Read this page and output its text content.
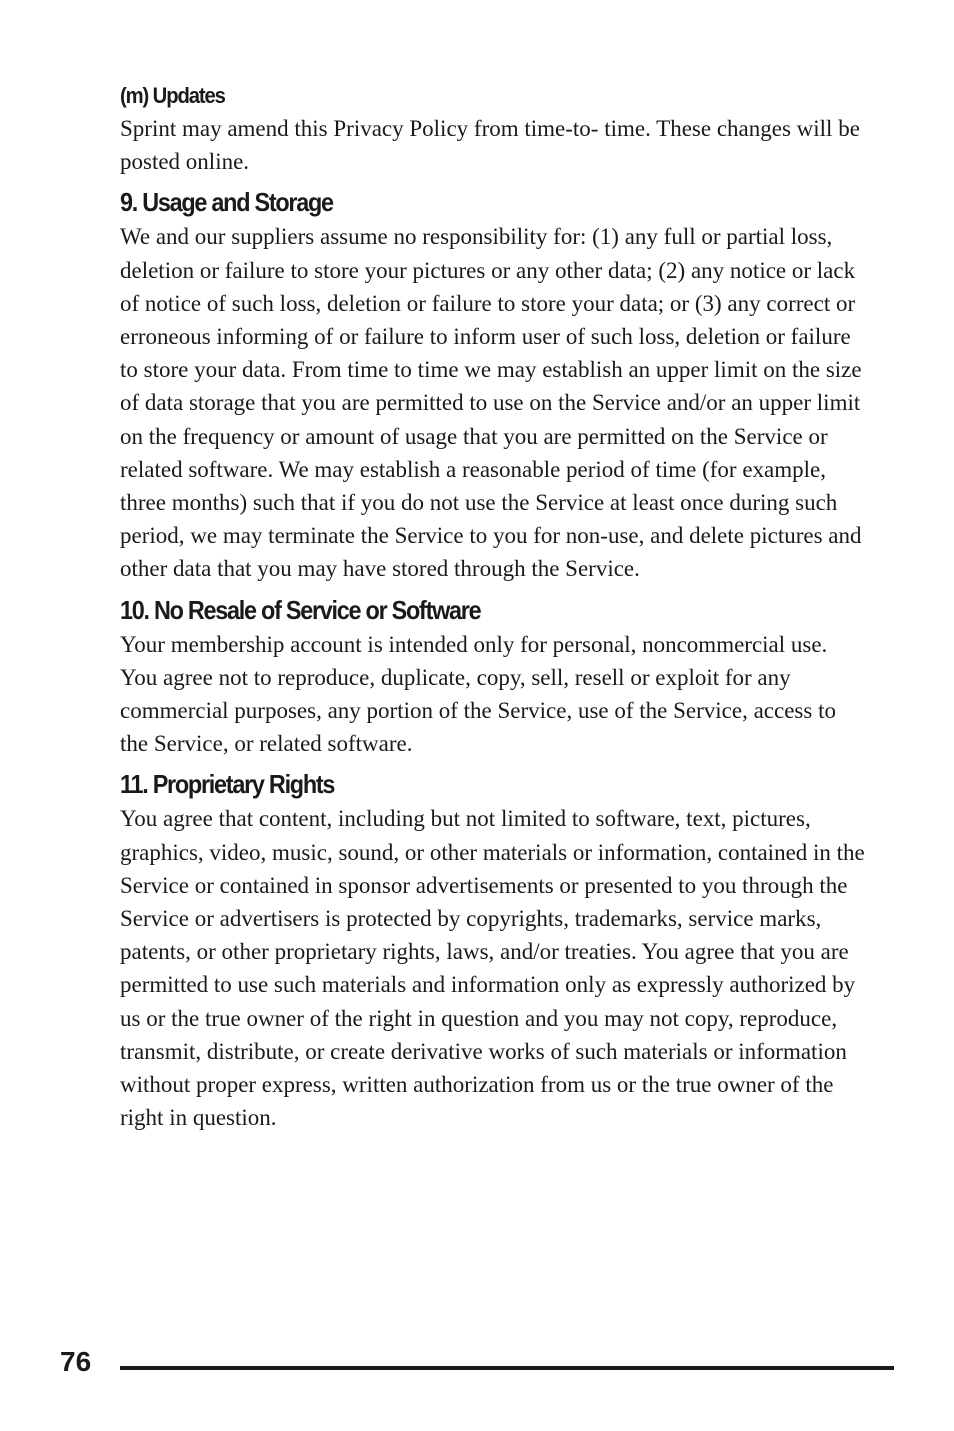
(m) Updates

Sprint may amend this Privacy Policy from time-to- time. These changes will be posted online.

9. Usage and Storage

We and our suppliers assume no responsibility for: (1) any full or partial loss, deletion or failure to store your pictures or any other data; (2) any notice or lack of notice of such loss, deletion or failure to store your data; or (3) any correct or erroneous informing of or failure to inform user of such loss, deletion or failure to store your data. From time to time we may establish an upper limit on the size of data storage that you are permitted to use on the Service and/or an upper limit on the frequency or amount of usage that you are permitted on the Service or related software. We may establish a reasonable period of time (for example, three months) such that if you do not use the Service at least once during such period, we may terminate the Service to you for non-use, and delete pictures and other data that you may have stored through the Service.

10. No Resale of Service or Software

Your membership account is intended only for personal, noncommercial use. You agree not to reproduce, duplicate, copy, sell, resell or exploit for any commercial purposes, any portion of the Service, use of the Service, access to the Service, or related software.

11. Proprietary Rights

You agree that content, including but not limited to software, text, pictures, graphics, video, music, sound, or other materials or information, contained in the Service or contained in sponsor advertisements or presented to you through the Service or advertisers is protected by copyrights, trademarks, service marks, patents, or other proprietary rights, laws, and/or treaties. You agree that you are permitted to use such materials and information only as expressly authorized by us or the true owner of the right in question and you may not copy, reproduce, transmit, distribute, or create derivative works of such materials or information without proper express, written authorization from us or the true owner of the right in question.

76
